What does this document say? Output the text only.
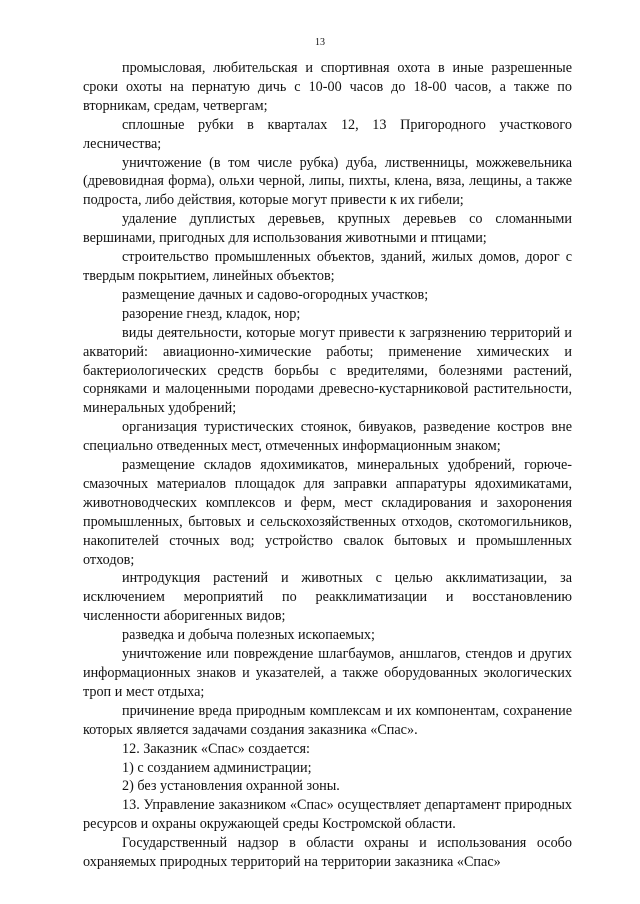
13

промысловая, любительская и спортивная охота в иные разрешенные сроки охоты на пернатую дичь с 10-00 часов до 18-00 часов, а также по вторникам, средам, четвергам;

сплошные рубки в кварталах 12, 13 Пригородного участкового лесничества;

уничтожение (в том числе рубка) дуба, лиственницы, можжевельника (древовидная форма), ольхи черной, липы, пихты, клена, вяза, лещины, а также подроста, либо действия, которые могут привести к их гибели;

удаление дуплистых деревьев, крупных деревьев со сломанными вершинами, пригодных для использования животными и птицами;

строительство промышленных объектов, зданий, жилых домов, дорог с твердым покрытием, линейных объектов;

размещение дачных и садово-огородных участков;

разорение гнезд, кладок, нор;

виды деятельности, которые могут привести к загрязнению территорий и акваторий: авиационно-химические работы; применение химических и бактериологических средств борьбы с вредителями, болезнями растений, сорняками и малоценными породами древесно-кустарниковой растительности, минеральных удобрений;

организация туристических стоянок, бивуаков, разведение костров вне специально отведенных мест, отмеченных информационным знаком;

размещение складов ядохимикатов, минеральных удобрений, горюче-смазочных материалов площадок для заправки аппаратуры ядохимикатами, животноводческих комплексов и ферм, мест складирования и захоронения промышленных, бытовых и сельскохозяйственных отходов, скотомогильников, накопителей сточных вод; устройство свалок бытовых и промышленных отходов;

интродукция растений и животных с целью акклиматизации, за исключением мероприятий по реакклиматизации и восстановлению численности аборигенных видов;

разведка и добыча полезных ископаемых;

уничтожение или повреждение шлагбаумов, аншлагов, стендов и других информационных знаков и указателей, а также оборудованных экологических троп и мест отдыха;

причинение вреда природным комплексам и их компонентам, сохранение которых является задачами создания заказника «Спас».

12. Заказник «Спас» создается:

1) с созданием администрации;

2) без установления охранной зоны.

13. Управление заказником «Спас» осуществляет департамент природных ресурсов и охраны окружающей среды Костромской области.

Государственный надзор в области охраны и использования особо охраняемых природных территорий на территории заказника «Спас»
